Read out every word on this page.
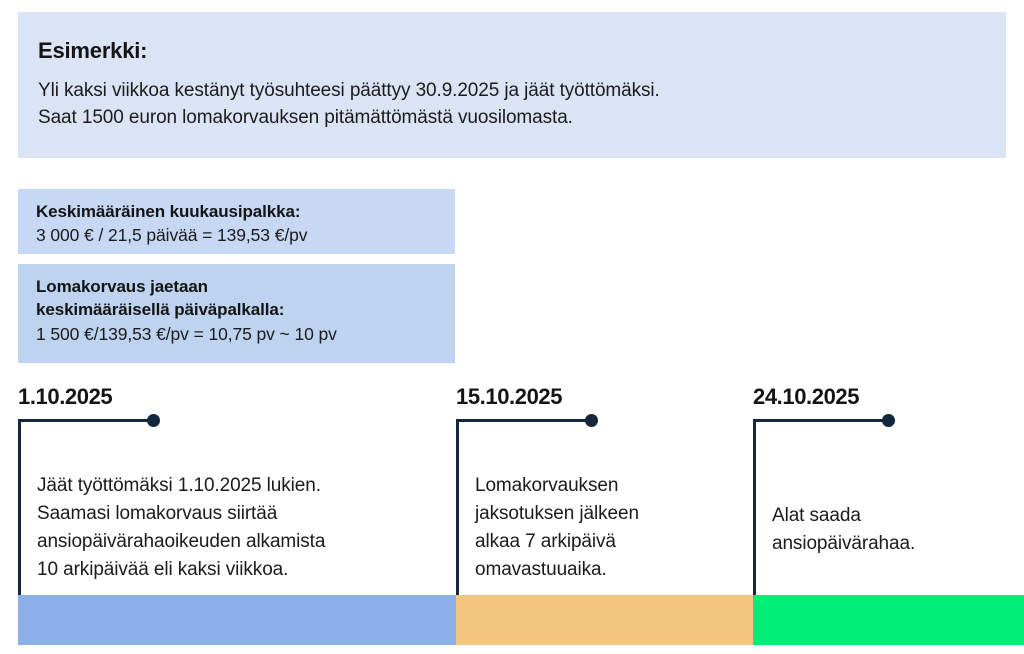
Esimerkki:

Yli kaksi viikkoa kestänyt työsuhteesi päättyy 30.9.2025 ja jäät työttömäksi.

Saat 1500 euron lomakorvauksen pitämättömästä vuosilomasta.

Keskimääräinen kuukausipalkka:

3 000 € / 21,5 päivää = 139,53 €/pv

Lomakorvaus jaetaan

keskimääräisellä päiväpalkalla:

1 500 €/139,53 €/pv = 10,75 pv ~ 10 pv

1.10.2025
Jäät työttömäksi 1.10.2025 lukien.
Saamasi lomakorvaus siirtää
ansiopäivärahaoikeuden alkamista
10 arkipäivää eli kaksi viikkoa.
15.10.2025
Lomakorvauksen
jaksotuksen jälkeen
alkaa 7 arkipäivä
omavastuuaika.
24.10.2025
Alat saada
ansiopäivärahaa.
